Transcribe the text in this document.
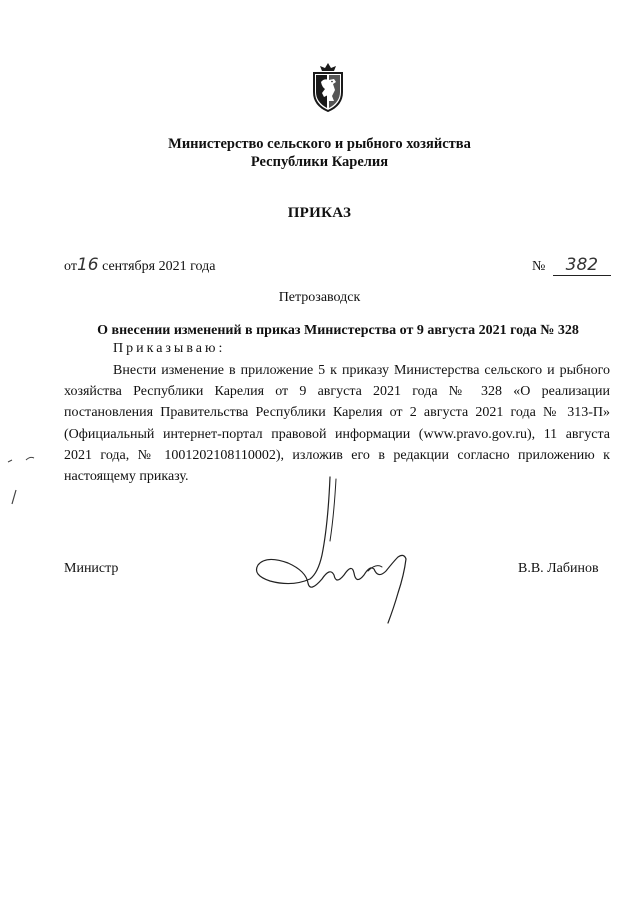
Министерство сельского и рыбного хозяйства
Республики Карелия
ПРИКАЗ
от16 сентября 2021 года	№ 382
Петрозаводск
О внесении изменений в приказ Министерства от 9 августа 2021 года № 328
Приказываю:
Внести изменение в приложение 5 к приказу Министерства сельского и рыбного хозяйства Республики Карелия от 9 августа 2021 года № 328 «О реализации постановления Правительства Республики Карелия от 2 августа 2021 года № 313-П» (Официальный интернет-портал правовой информации (www.pravo.gov.ru), 11 августа 2021 года, № 1001202108110002), изложив его в редакции согласно приложению к настоящему приказу.
Министр	В.В. Лабинов
